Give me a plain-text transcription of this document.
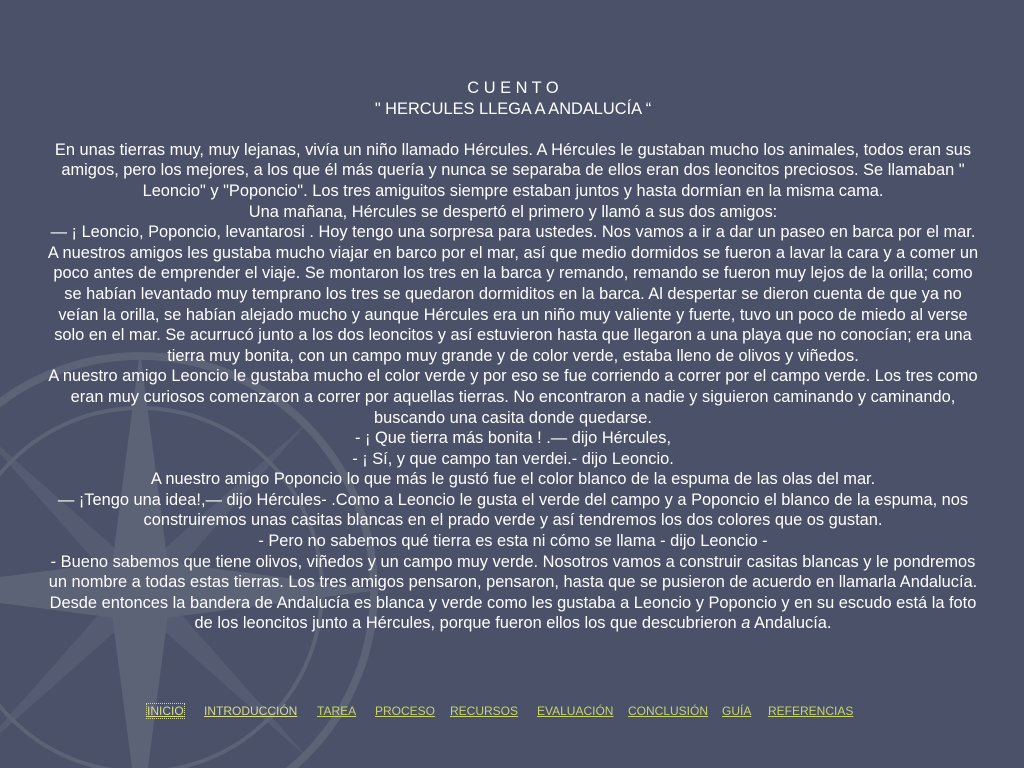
C U E N T O
" HERCULES LLEGA A ANDALUCÍA “
En unas tierras muy, muy lejanas, vivía un niño llamado Hércules. A Hércules le gustaban mucho los animales, todos eran sus amigos, pero los mejores, a los que él más quería y nunca se separaba de ellos eran dos leoncitos preciosos. Se llamaban " Leoncio" y "Poponcio". Los tres amiguitos siempre estaban juntos y hasta dormían en la misma cama.
Una mañana, Hércules se despertó el primero y llamó a sus dos amigos:
— ¡ Leoncio, Poponcio, levantarosi . Hoy tengo una sorpresa para ustedes. Nos vamos a ir a dar un paseo en barca por el mar.
A nuestros amigos les gustaba mucho viajar en barco por el mar, así que medio dormidos se fueron a lavar la cara y a comer un poco antes de emprender el viaje. Se montaron los tres en la barca y remando, remando se fueron muy lejos de la orilla; como se habían levantado muy temprano los tres se quedaron dormiditos en la barca. Al despertar se dieron cuenta de que ya no veían la orilla, se habían alejado mucho y aunque Hércules era un niño muy valiente y fuerte, tuvo un poco de miedo al verse solo en el mar. Se acurrucó junto a los dos leoncitos y así estuvieron hasta que llegaron a una playa que no conocían; era una tierra muy bonita, con un campo muy grande y de color verde, estaba lleno de olivos y viñedos.
A nuestro amigo Leoncio le gustaba mucho el color verde y por eso se fue corriendo a correr por el campo verde. Los tres como eran muy curiosos comenzaron a correr por aquellas tierras. No encontraron a nadie y siguieron caminando y caminando, buscando una casita donde quedarse.
- ¡ Que tierra más bonita ! .— dijo Hércules,
- ¡ Sí, y que campo tan verdei.- dijo Leoncio.
A nuestro amigo Poponcio lo que más le gustó fue el color blanco de la espuma de las olas del mar.
— ¡Tengo una idea!,— dijo Hércules- .Como a Leoncio le gusta el verde del campo y a Poponcio el blanco de la espuma, nos construiremos unas casitas blancas en el prado verde y así tendremos los dos colores que os gustan.
- Pero no sabemos qué tierra es esta ni cómo se llama - dijo Leoncio -
- Bueno sabemos que tiene olivos, viñedos y un campo muy verde. Nosotros vamos a construir casitas blancas y le pondremos un nombre a todas estas tierras. Los tres amigos pensaron, pensaron, hasta que se pusieron de acuerdo en llamarla Andalucía. Desde entonces la bandera de Andalucía es blanca y verde como les gustaba a Leoncio y Poponcio y en su escudo está la foto de los leoncitos junto a Hércules, porque fueron ellos los que descubrieron a Andalucía.
INICIO INTRODUCCIÓN TAREA PROCESO RECURSOS EVALUACIÓN CONCLUSIÓN GUÍA REFERENCIAS
